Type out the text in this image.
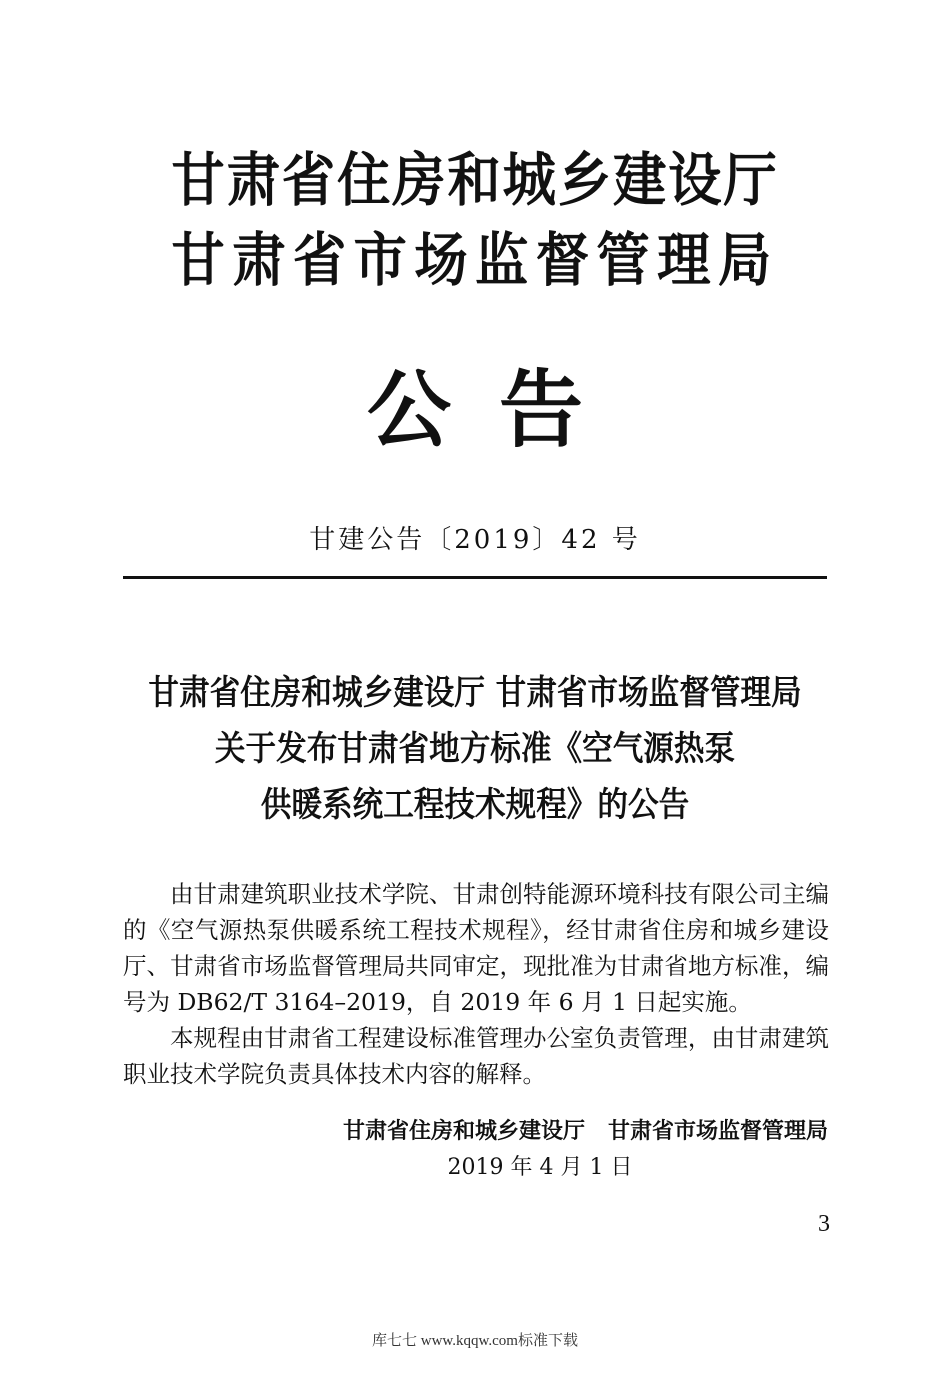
甘肃省住房和城乡建设厅
甘肃省市场监督管理局
公告
甘建公告〔2019〕42 号
甘肃省住房和城乡建设厅 甘肃省市场监督管理局
关于发布甘肃省地方标准《空气源热泵
供暖系统工程技术规程》的公告

由甘肃建筑职业技术学院、甘肃创特能源环境科技有限公司主编的《空气源热泵供暖系统工程技术规程》，经甘肃省住房和城乡建设厅、甘肃省市场监督管理局共同审定，现批准为甘肃省地方标准，编号为 DB62/T 3164–2019，自 2019 年 6 月 1 日起实施。

本规程由甘肃省工程建设标准管理办公室负责管理，由甘肃建筑职业技术学院负责具体技术内容的解释。

甘肃省住房和城乡建设厅   甘肃省市场监督管理局
2019 年 4 月 1 日
3
库七七 www.kqqw.com标准下载
